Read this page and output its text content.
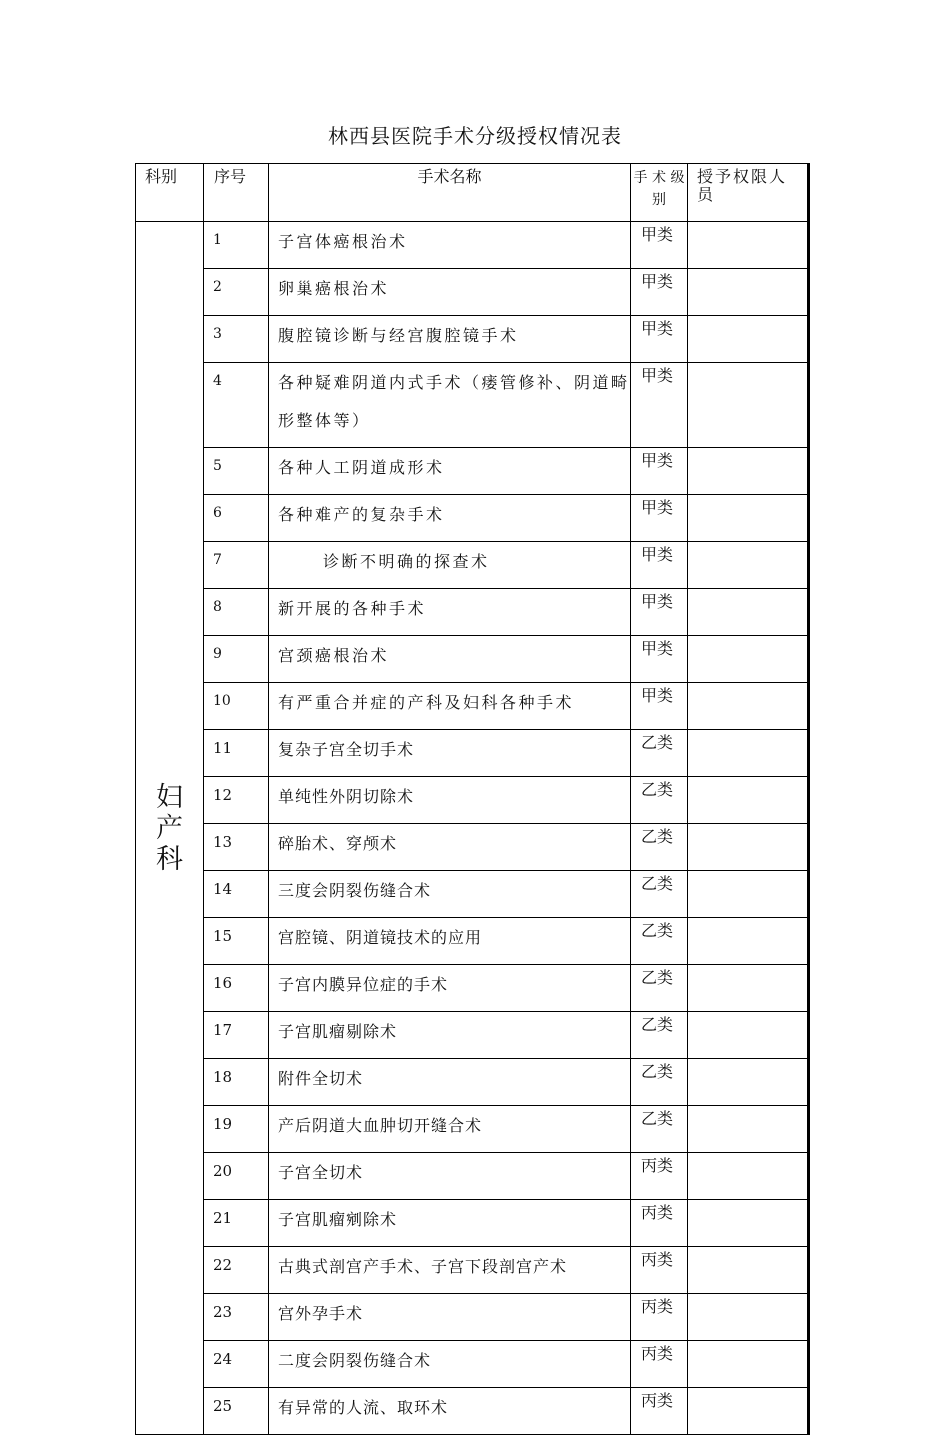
林西县医院手术分级授权情况表
科别	序号	手术名称	手 术 级别	授予权限人员
妇产科	1	子宫体癌根治术	甲类	
	2	卵巢癌根治术	甲类	
	3	腹腔镜诊断与经宫腹腔镜手术	甲类	
	4	各种疑难阴道内式手术（瘘管修补、阴道畸形整体等）	甲类	
	5	各种人工阴道成形术	甲类	
	6	各种难产的复杂手术	甲类	
	7	诊断不明确的探查术	甲类	
	8	新开展的各种手术	甲类	
	9	宫颈癌根治术	甲类	
	10	有严重合并症的产科及妇科各种手术	甲类	
	11	复杂子宫全切手术	乙类	
	12	单纯性外阴切除术	乙类	
	13	碎胎术、穿颅术	乙类	
	14	三度会阴裂伤缝合术	乙类	
	15	宫腔镜、阴道镜技术的应用	乙类	
	16	子宫内膜异位症的手术	乙类	
	17	子宫肌瘤剔除术	乙类	
	18	附件全切术	乙类	
	19	产后阴道大血肿切开缝合术	乙类	
	20	子宫全切术	丙类	
	21	子宫肌瘤剜除术	丙类	
	22	古典式剖宫产手术、子宫下段剖宫产术	丙类	
	23	宫外孕手术	丙类	
	24	二度会阴裂伤缝合术	丙类	
	25	有异常的人流、取环术	丙类	
